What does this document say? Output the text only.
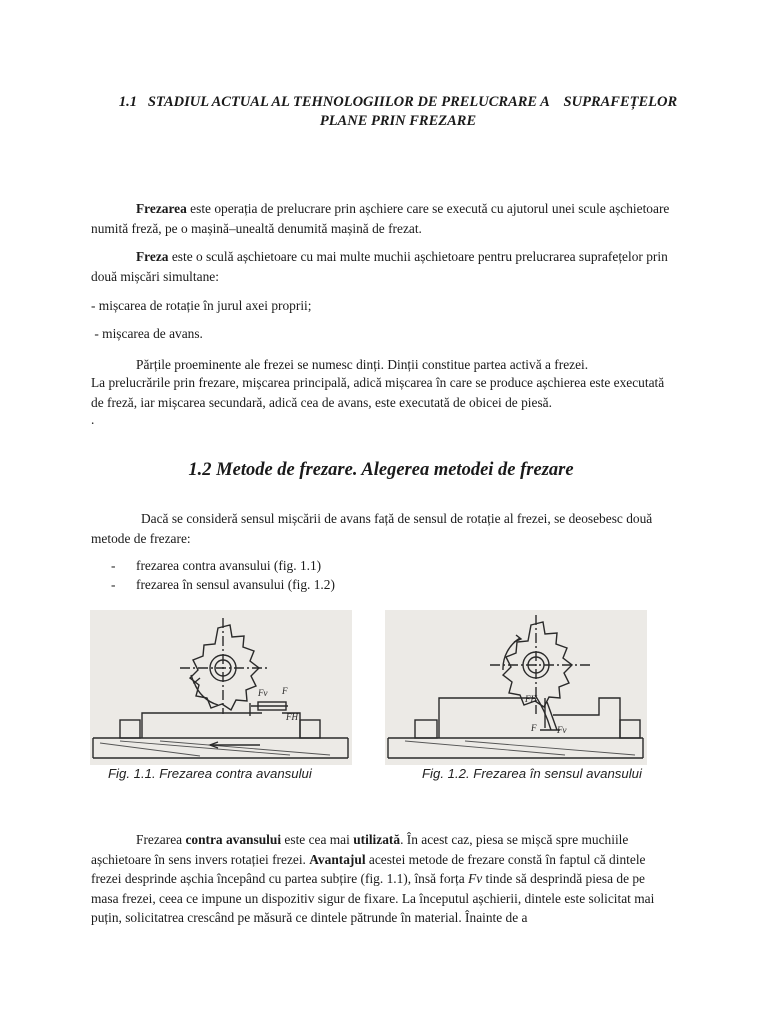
1.1   STADIUL ACTUAL AL TEHNOLOGIILOR DE PRELUCRARE A    SUPRAFEȚELOR
PLANE PRIN FREZARE
Frezarea este operația de prelucrare prin așchiere care se execută cu ajutorul unei scule așchietoare numită freză, pe o mașină–unealtă denumită mașină de frezat.
Freza este o sculă așchietoare cu mai multe muchii așchietoare pentru prelucrarea suprafețelor prin două mișcări simultane:
- mișcarea de rotație în jurul axei proprii;
- mișcarea de avans.
Părțile proeminente ale frezei se numesc dinți. Dinții constitue partea activă a frezei.
La prelucrările prin frezare, mișcarea principală, adică mișcarea în care se produce așchierea este executată de freză, iar mișcarea secundară, adică cea de avans, este executată de obicei de piesă.
.
1.2 Metode de frezare. Alegerea metodei de frezare
Dacă se consideră sensul mișcării de avans față de sensul de rotație al frezei, se deosebesc două metode de frezare:
-	frezarea contra avansului (fig. 1.1)
-	frezarea în sensul avansului (fig. 1.2)
Fv F
FH
FH
F Fv
Fig. 1.1. Frezarea contra avansului	Fig. 1.2. Frezarea în sensul avansului
Frezarea contra avansului este cea mai utilizată. În acest caz, piesa se mișcă spre muchiile așchietoare în sens invers rotației frezei. Avantajul acestei metode de frezare constă în faptul că dintele frezei desprinde așchia începând cu partea subțire (fig. 1.1), însă forța Fv tinde să desprindă piesa de pe masa frezei, ceea ce impune un dispozitiv sigur de fixare. La începutul așchierii, dintele este solicitat mai puțin, solicitatrea crescând pe măsură ce dintele pătrunde în material. Înainte de a
